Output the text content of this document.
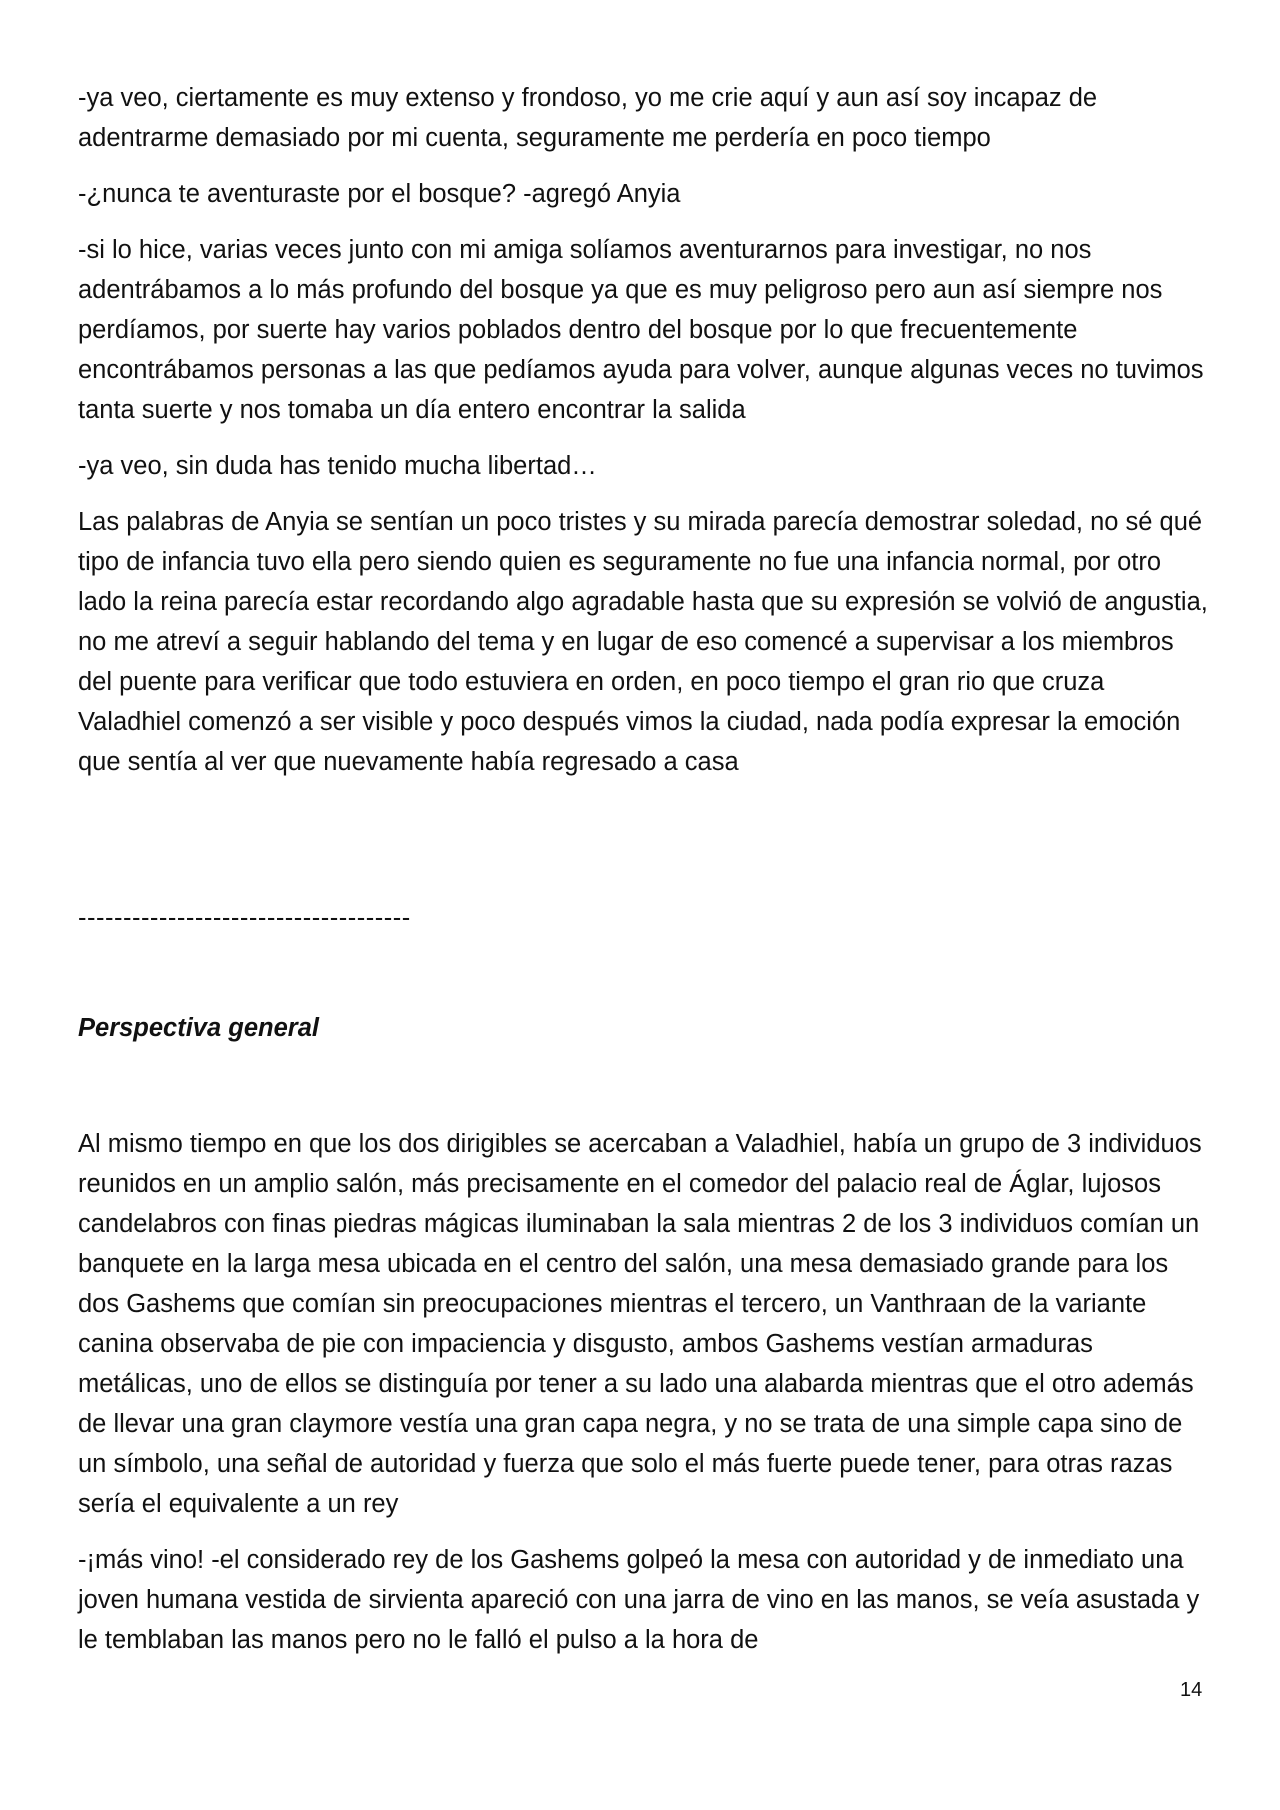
-ya veo, ciertamente es muy extenso y frondoso, yo me crie aquí y aun así soy incapaz de adentrarme demasiado por mi cuenta, seguramente me perdería en poco tiempo

-¿nunca te aventuraste por el bosque? -agregó Anyia

-si lo hice, varias veces junto con mi amiga solíamos aventurarnos para investigar, no nos adentrábamos a lo más profundo del bosque ya que es muy peligroso pero aun así siempre nos perdíamos, por suerte hay varios poblados dentro del bosque por lo que frecuentemente encontrábamos personas a las que pedíamos ayuda para volver, aunque algunas veces no tuvimos tanta suerte y nos tomaba un día entero encontrar la salida

-ya veo, sin duda has tenido mucha libertad…

Las palabras de Anyia se sentían un poco tristes y su mirada parecía demostrar soledad, no sé qué tipo de infancia tuvo ella pero siendo quien es seguramente no fue una infancia normal, por otro lado la reina parecía estar recordando algo agradable hasta que su expresión se volvió de angustia, no me atreví a seguir hablando del tema y en lugar de eso comencé a supervisar a los miembros del puente para verificar que todo estuviera en orden, en poco tiempo el gran rio que cruza Valadhiel comenzó a ser visible y poco después vimos la ciudad, nada podía expresar la emoción que sentía al ver que nuevamente había regresado a casa

-------------------------------------
Perspectiva general

Al mismo tiempo en que los dos dirigibles se acercaban a Valadhiel, había un grupo de 3 individuos reunidos en un amplio salón, más precisamente en el comedor del palacio real de Áglar, lujosos candelabros con finas piedras mágicas iluminaban la sala mientras 2 de los 3 individuos comían un banquete en la larga mesa ubicada en el centro del salón, una mesa demasiado grande para los dos Gashems que comían sin preocupaciones mientras el tercero, un Vanthraan de la variante canina observaba de pie con impaciencia y disgusto, ambos Gashems vestían armaduras metálicas, uno de ellos se distinguía por tener a su lado una alabarda mientras que el otro además de llevar una gran claymore vestía una gran capa negra, y no se trata de una simple capa sino de un símbolo, una señal de autoridad y fuerza que solo el más fuerte puede tener, para otras razas sería el equivalente a un rey

-¡más vino! -el considerado rey de los Gashems golpeó la mesa con autoridad y de inmediato una joven humana vestida de sirvienta apareció con una jarra de vino en las manos, se veía asustada y le temblaban las manos pero no le falló el pulso a la hora de

14
